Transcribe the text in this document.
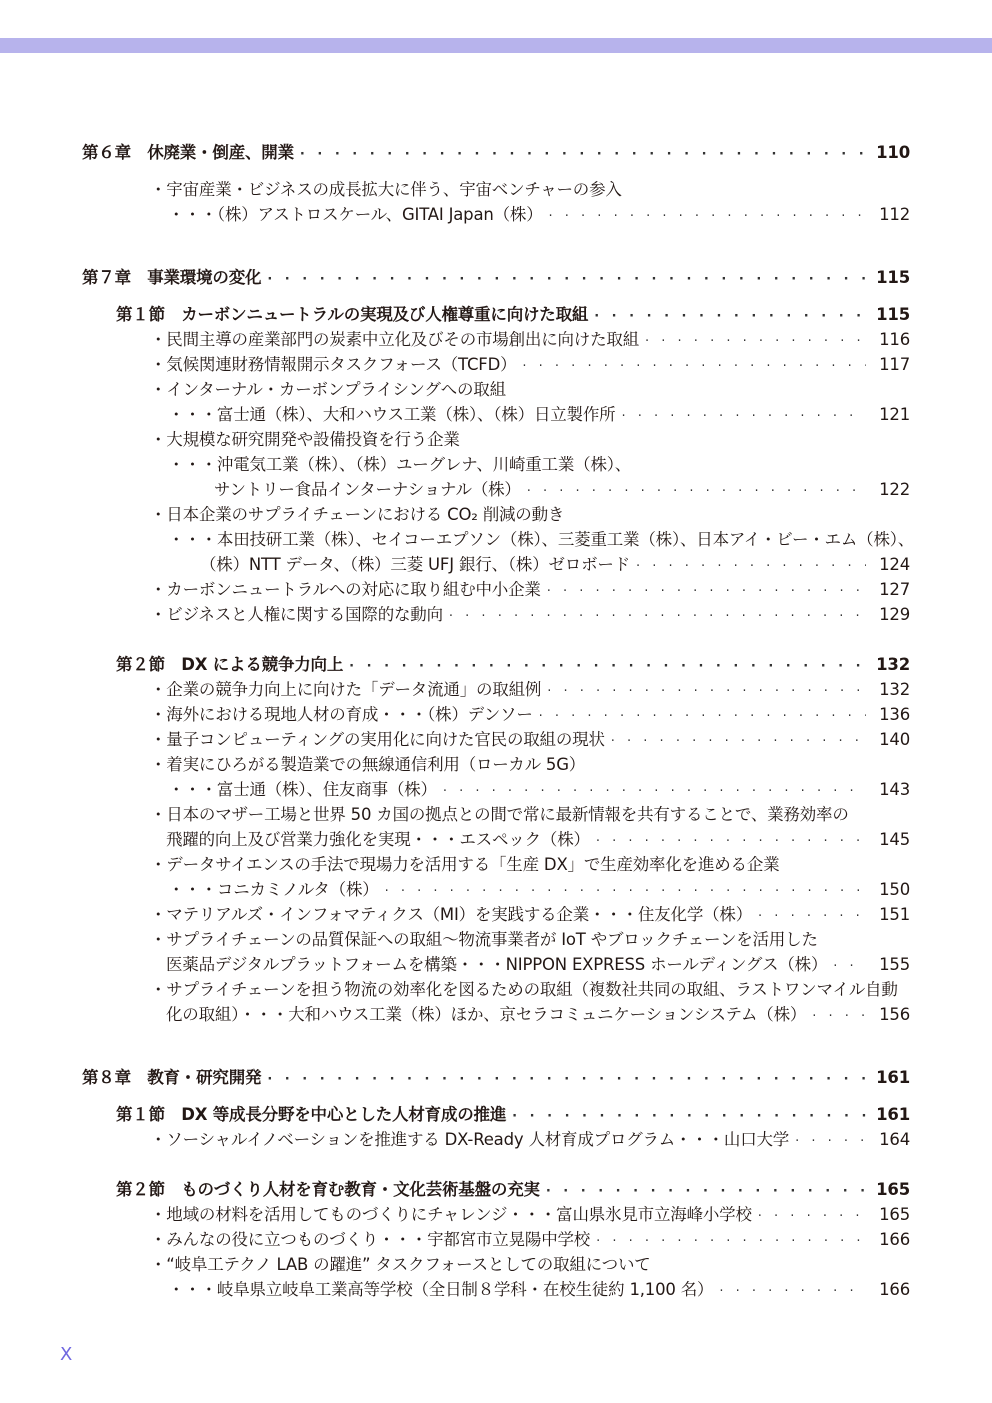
第６章　休廃業・倒産、開業 · · ·	110
・宇宙産業・ビジネスの成長拡大に伴う、宇宙ベンチャーの参入
・・・（株）アストロスケール、GITAI Japan（株） · · ·	112
第７章　事業環境の変化 · · ·	115
第１節　カーボンニュートラルの実現及び人権尊重に向けた取組 · · ·	115
・民間主導の産業部門の炭素中立化及びその市場創出に向けた取組 · · ·	116
・気候関連財務情報開示タスクフォース（TCFD） · · ·	117
・インターナル・カーボンプライシングへの取組
・・・富士通（株）、大和ハウス工業（株）、（株）日立製作所 · · ·	121
・大規模な研究開発や設備投資を行う企業
・・・沖電気工業（株）、（株）ユーグレナ、川崎重工業（株）、
サントリー食品インターナショナル（株） · · ·	122
・日本企業のサプライチェーンにおける CO₂ 削減の動き
・・・本田技研工業（株）、セイコーエプソン（株）、三菱重工業（株）、日本アイ・ビー・エム（株）、
（株）NTT データ、（株）三菱 UFJ 銀行、（株）ゼロボード · · ·	124
・カーボンニュートラルへの対応に取り組む中小企業 · · ·	127
・ビジネスと人権に関する国際的な動向 · · ·	129
第２節　DX による競争力向上 · · ·	132
・企業の競争力向上に向けた「データ流通」の取組例 · · ·	132
・海外における現地人材の育成・・・（株）デンソー · · ·	136
・量子コンピューティングの実用化に向けた官民の取組の現状 · · ·	140
・着実にひろがる製造業での無線通信利用（ローカル 5G）
・・・富士通（株）、住友商事（株） · · ·	143
・日本のマザー工場と世界 50 カ国の拠点との間で常に最新情報を共有することで、業務効率の
飛躍的向上及び営業力強化を実現・・・エスペック（株） · · ·	145
・データサイエンスの手法で現場力を活用する「生産 DX」で生産効率化を進める企業
・・・コニカミノルタ（株） · · ·	150
・マテリアルズ・インフォマティクス（MI）を実践する企業・・・住友化学（株） · · ·	151
・サプライチェーンの品質保証への取組～物流事業者が IoT やブロックチェーンを活用した
医薬品デジタルプラットフォームを構築・・・NIPPON EXPRESS ホールディングス（株） · · ·	155
・サプライチェーンを担う物流の効率化を図るための取組（複数社共同の取組、ラストワンマイル自動
化の取組）・・・大和ハウス工業（株）ほか、京セラコミュニケーションシステム（株） · · ·	156
第８章　教育・研究開発 · · ·	161
第１節　DX 等成長分野を中心とした人材育成の推進 · · ·	161
・ソーシャルイノベーションを推進する DX-Ready 人材育成プログラム・・・山口大学 · · ·	164
第２節　ものづくり人材を育む教育・文化芸術基盤の充実 · · ·	165
・地域の材料を活用してものづくりにチャレンジ・・・富山県氷見市立海峰小学校 · · ·	165
・みんなの役に立つものづくり・・・宇都宮市立晃陽中学校 · · ·	166
・“岐阜工テクノ LAB の躍進” タスクフォースとしての取組について
・・・岐阜県立岐阜工業高等学校（全日制８学科・在校生徒約 1,100 名） · · ·	166
X
